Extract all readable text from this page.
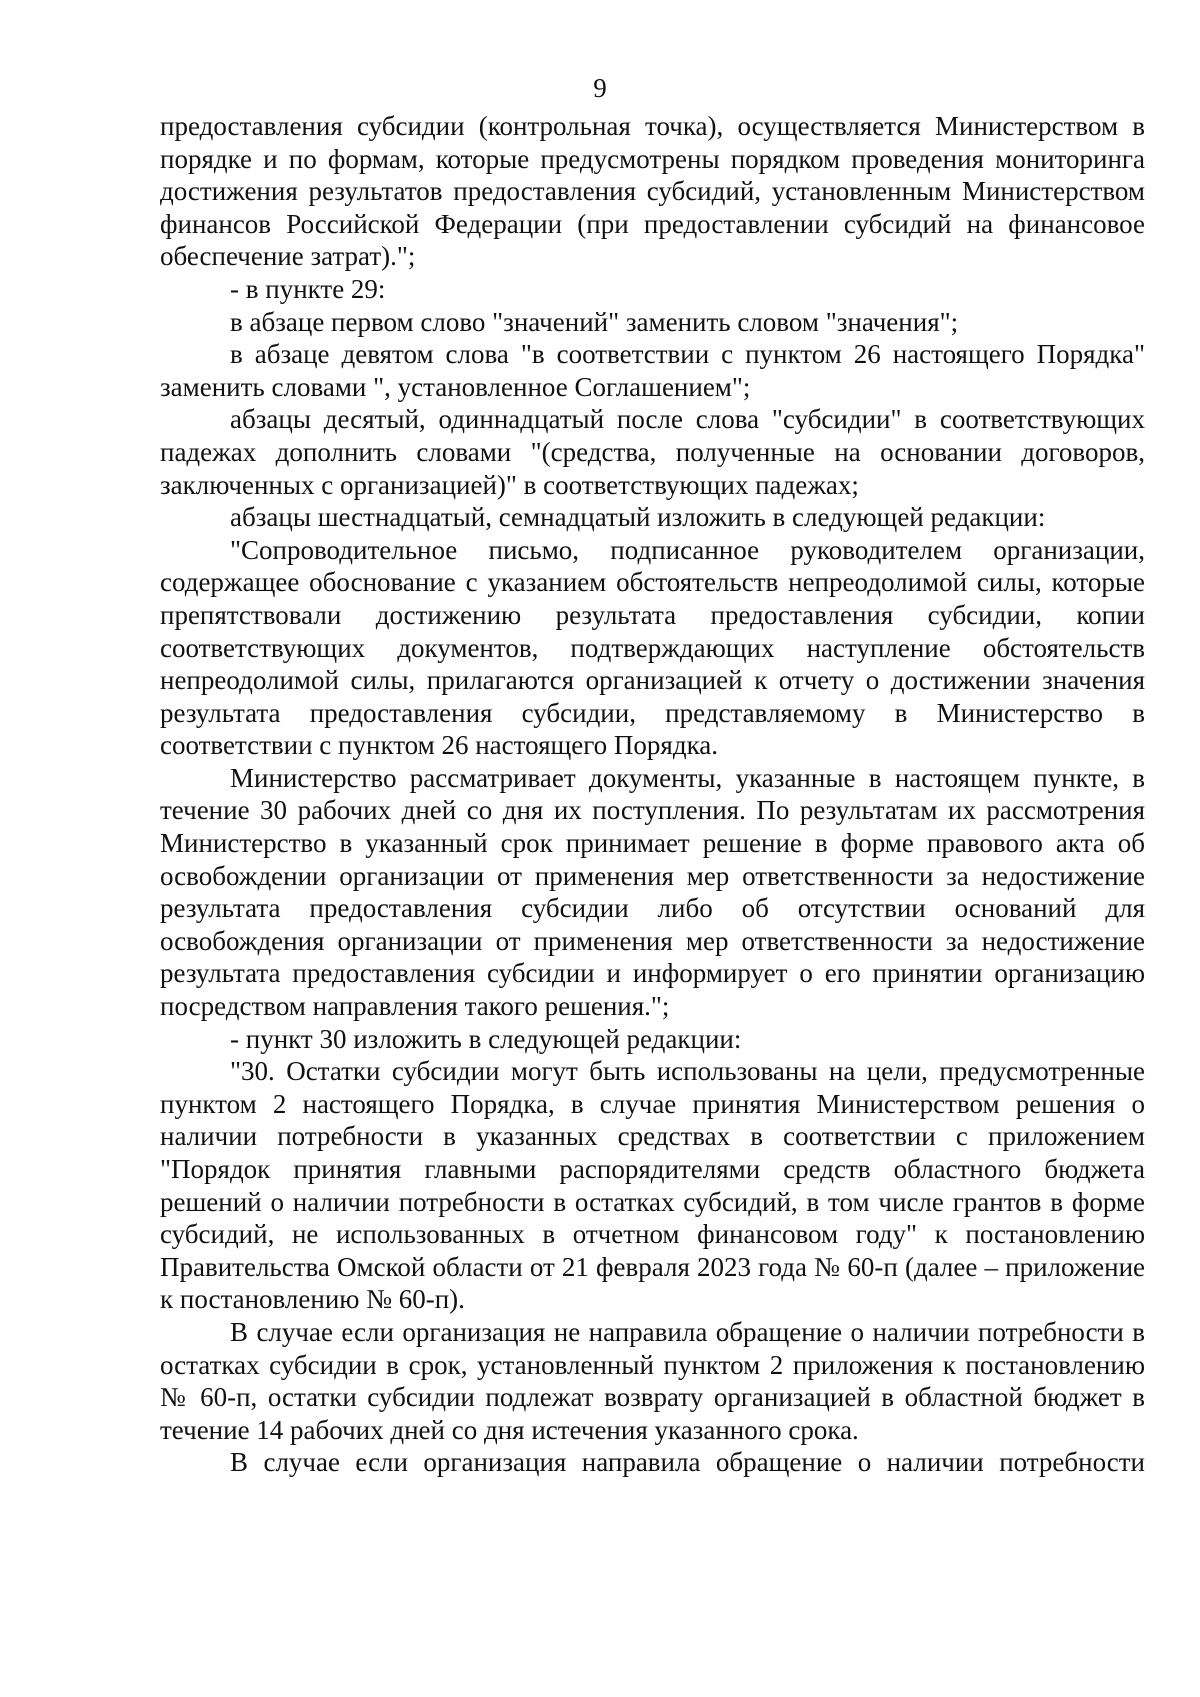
9

предоставления субсидии (контрольная точка), осуществляется Министерством в порядке и по формам, которые предусмотрены порядком проведения мониторинга достижения результатов предоставления субсидий, установленным Министерством финансов Российской Федерации (при предоставлении субсидий на финансовое обеспечение затрат).";

- в пункте 29:

в абзаце первом слово "значений" заменить словом "значения";

в абзаце девятом слова "в соответствии с пунктом 26 настоящего Порядка" заменить словами ", установленное Соглашением";

абзацы десятый, одиннадцатый после слова "субсидии" в соответствующих падежах дополнить словами "(средства, полученные на основании договоров, заключенных с организацией)" в соответствующих падежах;

абзацы шестнадцатый, семнадцатый изложить в следующей редакции:

"Сопроводительное письмо, подписанное руководителем организации, содержащее обоснование с указанием обстоятельств непреодолимой силы, которые препятствовали достижению результата предоставления субсидии, копии соответствующих документов, подтверждающих наступление обстоятельств непреодолимой силы, прилагаются организацией к отчету о достижении значения результата предоставления субсидии, представляемому в Министерство в соответствии с пунктом 26 настоящего Порядка.

Министерство рассматривает документы, указанные в настоящем пункте, в течение 30 рабочих дней со дня их поступления. По результатам их рассмотрения Министерство в указанный срок принимает решение в форме правового акта об освобождении организации от применения мер ответственности за недостижение результата предоставления субсидии либо об отсутствии оснований для освобождения организации от применения мер ответственности за недостижение результата предоставления субсидии и информирует о его принятии организацию посредством направления такого решения.";

- пункт 30 изложить в следующей редакции:

"30. Остатки субсидии могут быть использованы на цели, предусмотренные пунктом 2 настоящего Порядка, в случае принятия Министерством решения о наличии потребности в указанных средствах в соответствии с приложением "Порядок принятия главными распорядителями средств областного бюджета решений о наличии потребности в остатках субсидий, в том числе грантов в форме субсидий, не использованных в отчетном финансовом году" к постановлению Правительства Омской области от 21 февраля 2023 года № 60-п (далее – приложение к постановлению № 60-п).

В случае если организация не направила обращение о наличии потребности в остатках субсидии в срок, установленный пунктом 2 приложения к постановлению № 60-п, остатки субсидии подлежат возврату организацией в областной бюджет в течение 14 рабочих дней со дня истечения указанного срока.

В случае если организация направила обращение о наличии потребности
